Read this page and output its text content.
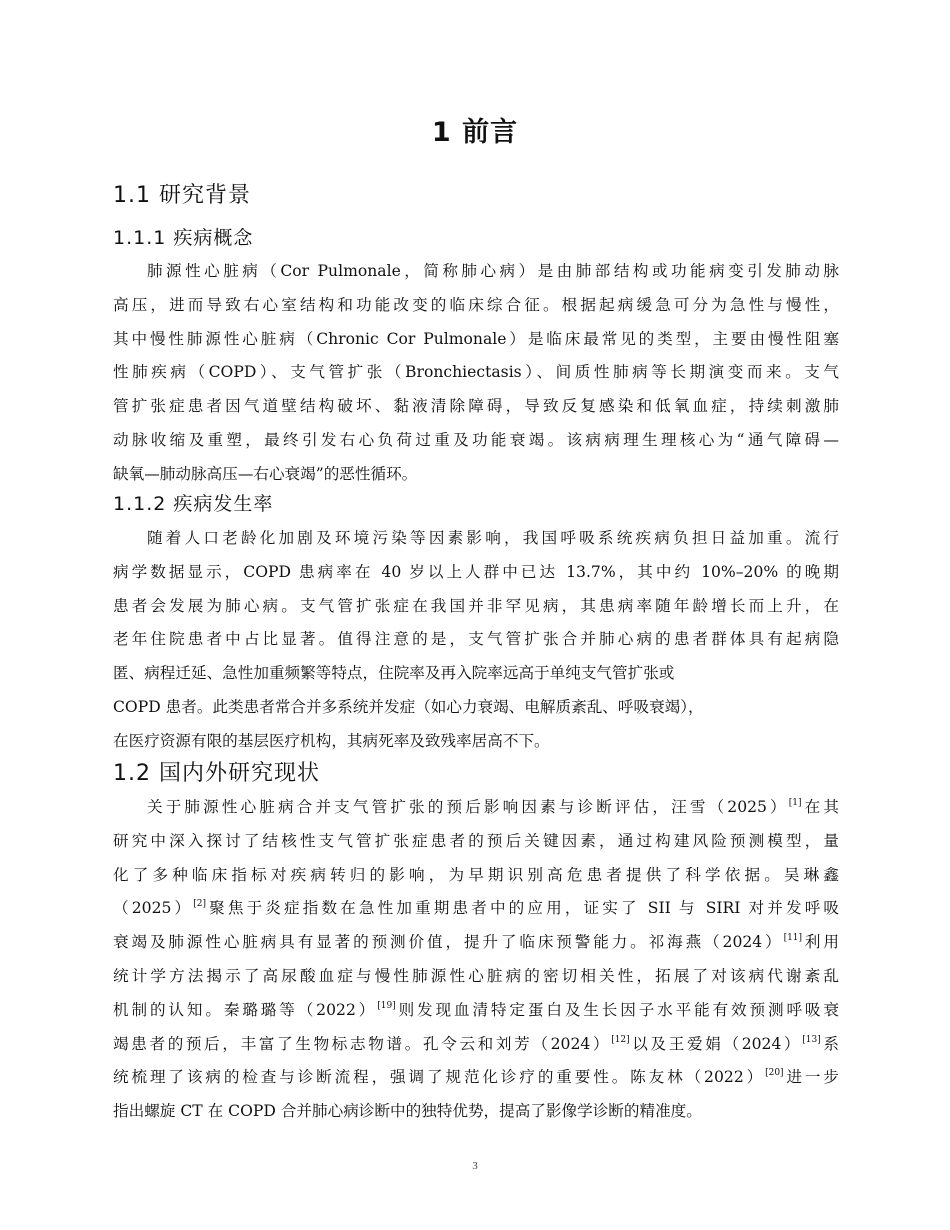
1 前言
1.1 研究背景
1.1.1 疾病概念
肺源性心脏病（Cor Pulmonale，简称肺心病）是由肺部结构或功能病变引发肺动脉
高压，进而导致右心室结构和功能改变的临床综合征。根据起病缓急可分为急性与慢性，
其中慢性肺源性心脏病（Chronic Cor Pulmonale）是临床最常见的类型，主要由慢性阻塞
性肺疾病（COPD）、支气管扩张（Bronchiectasis）、间质性肺病等长期演变而来。支气
管扩张症患者因气道壁结构破坏、黏液清除障碍，导致反复感染和低氧血症，持续刺激肺
动脉收缩及重塑，最终引发右心负荷过重及功能衰竭。该病病理生理核心为“通气障碍—
缺氧—肺动脉高压—右心衰竭”的恶性循环。
1.1.2 疾病发生率
随着人口老龄化加剧及环境污染等因素影响，我国呼吸系统疾病负担日益加重。流行
病学数据显示，COPD 患病率在 40 岁以上人群中已达 13.7%，其中约 10%–20% 的晚期
患者会发展为肺心病。支气管扩张症在我国并非罕见病，其患病率随年龄增长而上升，在
老年住院患者中占比显著。值得注意的是，支气管扩张合并肺心病的患者群体具有起病隐
匿、病程迁延、急性加重频繁等特点，住院率及再入院率远高于单纯支气管扩张或
COPD 患者。此类患者常合并多系统并发症（如心力衰竭、电解质紊乱、呼吸衰竭），
在医疗资源有限的基层医疗机构，其病死率及致残率居高不下。
1.2 国内外研究现状
关于肺源性心脏病合并支气管扩张的预后影响因素与诊断评估，汪雪（2025）[1]在其
研究中深入探讨了结核性支气管扩张症患者的预后关键因素，通过构建风险预测模型，量
化了多种临床指标对疾病转归的影响，为早期识别高危患者提供了科学依据。吴琳鑫
（2025）[2]聚焦于炎症指数在急性加重期患者中的应用，证实了 SII 与 SIRI 对并发呼吸
衰竭及肺源性心脏病具有显著的预测价值，提升了临床预警能力。祁海燕（2024）[11]利用
统计学方法揭示了高尿酸血症与慢性肺源性心脏病的密切相关性，拓展了对该病代谢紊乱
机制的认知。秦璐璐等（2022）[19]则发现血清特定蛋白及生长因子水平能有效预测呼吸衰
竭患者的预后，丰富了生物标志物谱。孔令云和刘芳（2024）[12]以及王爱娟（2024）[13]系
统梳理了该病的检查与诊断流程，强调了规范化诊疗的重要性。陈友林（2022）[20]进一步
指出螺旋 CT 在 COPD 合并肺心病诊断中的独特优势，提高了影像学诊断的精准度。
3
